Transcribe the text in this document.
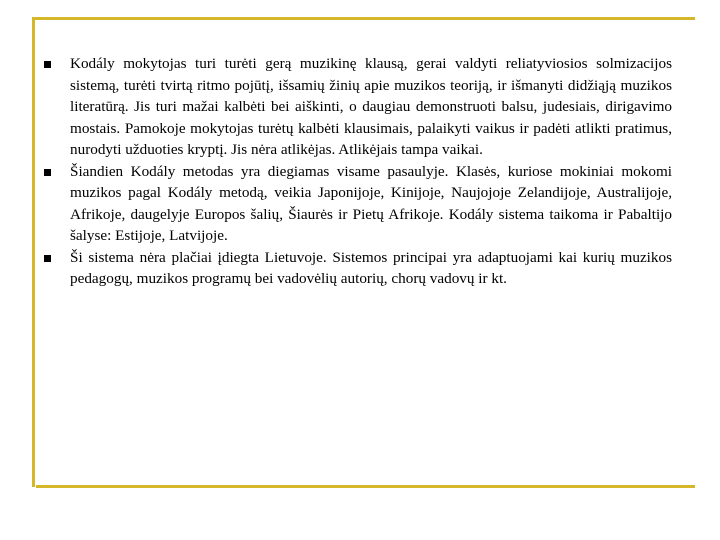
Kodály mokytojas turi turėti gerą muzikinę klausą, gerai valdyti reliatyviosios solmizacijos sistemą, turėti tvirtą ritmo pojūtį, išsamių žinių apie muzikos teoriją, ir išmanyti didžiąją muzikos literatūrą. Jis turi mažai kalbėti bei aiškinti, o daugiau demonstruoti balsu, judesiais, dirigavimo mostais. Pamokoje mokytojas turėtų kalbėti klausimais, palaikyti vaikus ir padėti atlikti pratimus, nurodyti užduoties kryptį. Jis nėra atlikėjas. Atlikėjais tampa vaikai.
Šiandien Kodály metodas yra diegiamas visame pasaulyje. Klasės, kuriose mokiniai mokomi muzikos pagal Kodály metodą, veikia Japonijoje, Kinijoje, Naujojoje Zelandijoje, Australijoje, Afrikoje, daugelyje Europos šalių, Šiaurės ir Pietų Afrikoje. Kodály sistema taikoma ir Pabaltijo šalyse: Estijoje, Latvijoje.
Ši sistema nėra plačiai įdiegta Lietuvoje. Sistemos principai yra adaptuojami kai kurių muzikos pedagogų, muzikos programų bei vadovėlių autorių, chorų vadovų ir kt.
